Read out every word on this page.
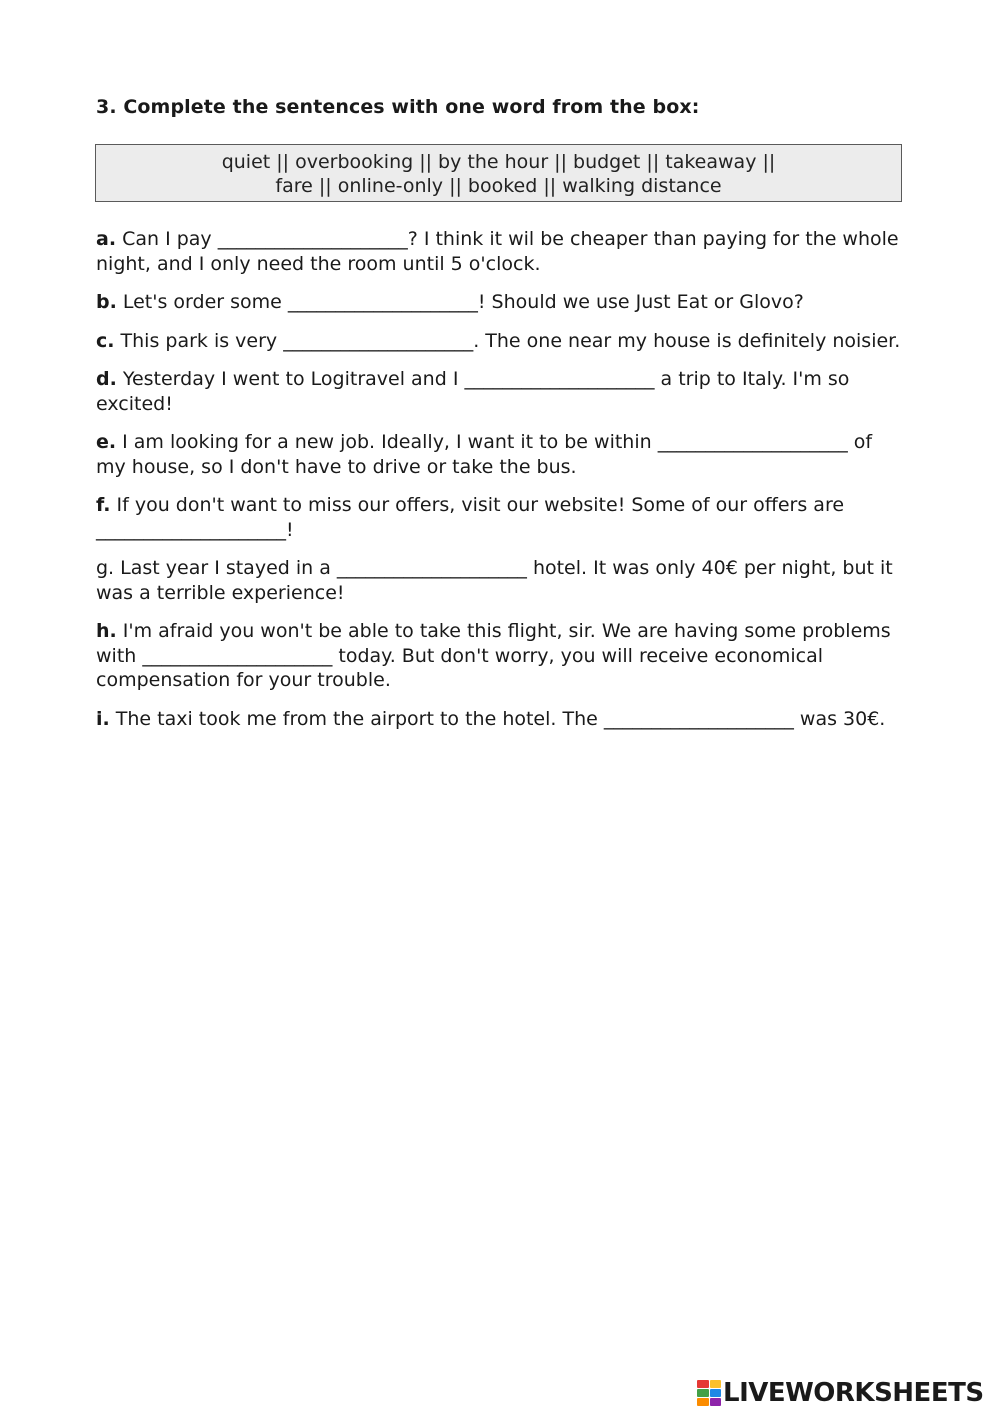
3. Complete the sentences with one word from the box:
quiet || overbooking || by the hour || budget || takeaway ||
fare || online-only || booked || walking distance
a. Can I pay ____________________? I think it wil be cheaper than paying for the whole night, and I only need the room until 5 o'clock.
b. Let's order some ____________________! Should we use Just Eat or Glovo?
c. This park is very ____________________. The one near my house is definitely noisier.
d. Yesterday I went to Logitravel and I ____________________ a trip to Italy. I'm so excited!
e. I am looking for a new job. Ideally, I want it to be within ____________________ of my house, so I don't have to drive or take the bus.
f. If you don't want to miss our offers, visit our website! Some of our offers are ____________________!
g. Last year I stayed in a ____________________ hotel. It was only 40€ per night, but it was a terrible experience!
h. I'm afraid you won't be able to take this flight, sir. We are having some problems with ____________________ today. But don't worry, you will receive economical compensation for your trouble.
i. The taxi took me from the airport to the hotel. The ____________________ was 30€.
LIVEWORKSHEETS
